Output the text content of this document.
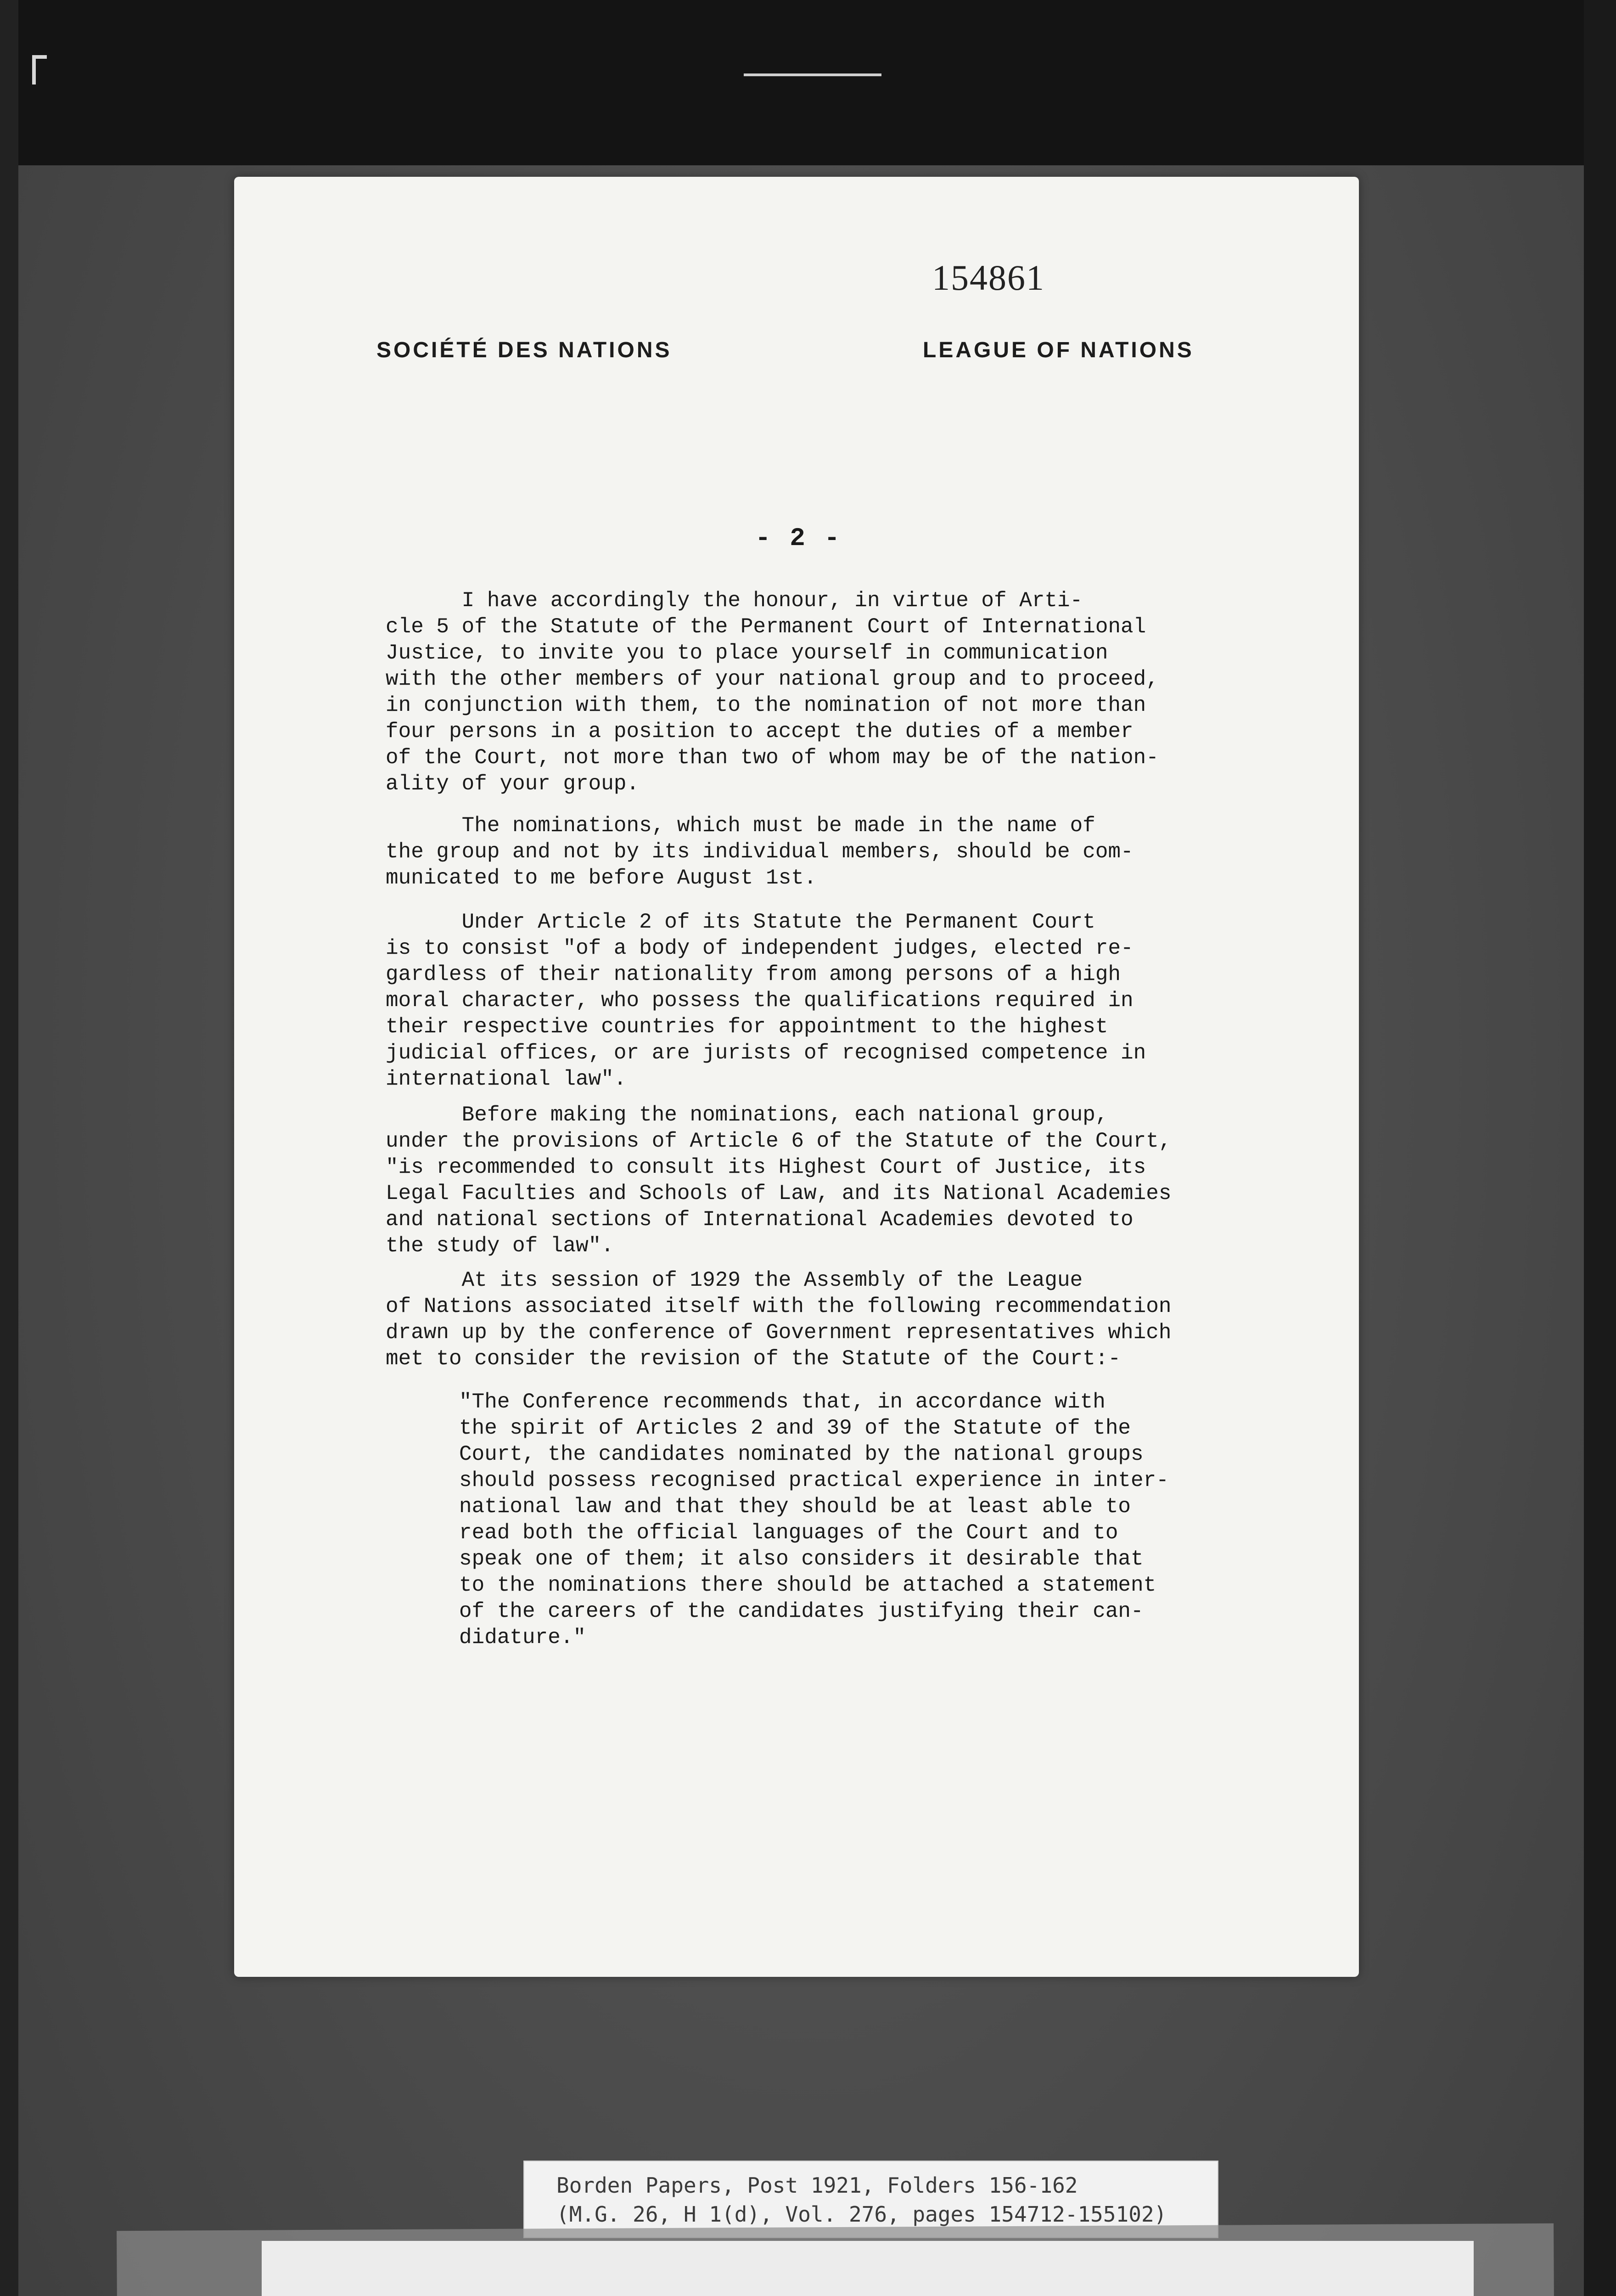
154861

SOCIÉTÉ DES NATIONS	LEAGUE OF NATIONS

- 2 -

I have accordingly the honour, in virtue of Arti-
cle 5 of the Statute of the Permanent Court of International
Justice, to invite you to place yourself in communication
with the other members of your national group and to proceed,
in conjunction with them, to the nomination of not more than
four persons in a position to accept the duties of a member
of the Court, not more than two of whom may be of the nation-
ality of your group.

The nominations, which must be made in the name of
the group and not by its individual members, should be com-
municated to me before August 1st.

Under Article 2 of its Statute the Permanent Court
is to consist "of a body of independent judges, elected re-
gardless of their nationality from among persons of a high
moral character, who possess the qualifications required in
their respective countries for appointment to the highest
judicial offices, or are jurists of recognised competence in
international law".

Before making the nominations, each national group,
under the provisions of Article 6 of the Statute of the Court,
"is recommended to consult its Highest Court of Justice, its
Legal Faculties and Schools of Law, and its National Academies
and national sections of International Academies devoted to
the study of law".

At its session of 1929 the Assembly of the League
of Nations associated itself with the following recommendation
drawn up by the conference of Government representatives which
met to consider the revision of the Statute of the Court:-

"The Conference recommends that, in accordance with
the spirit of Articles 2 and 39 of the Statute of the
Court, the candidates nominated by the national groups
should possess recognised practical experience in inter-
national law and that they should be at least able to
read both the official languages of the Court and to
speak one of them; it also considers it desirable that
to the nominations there should be attached a statement
of the careers of the candidates justifying their can-
didature."

Borden Papers, Post 1921, Folders 156-162

(M.G. 26, H 1(d), Vol. 276, pages 154712-155102)
